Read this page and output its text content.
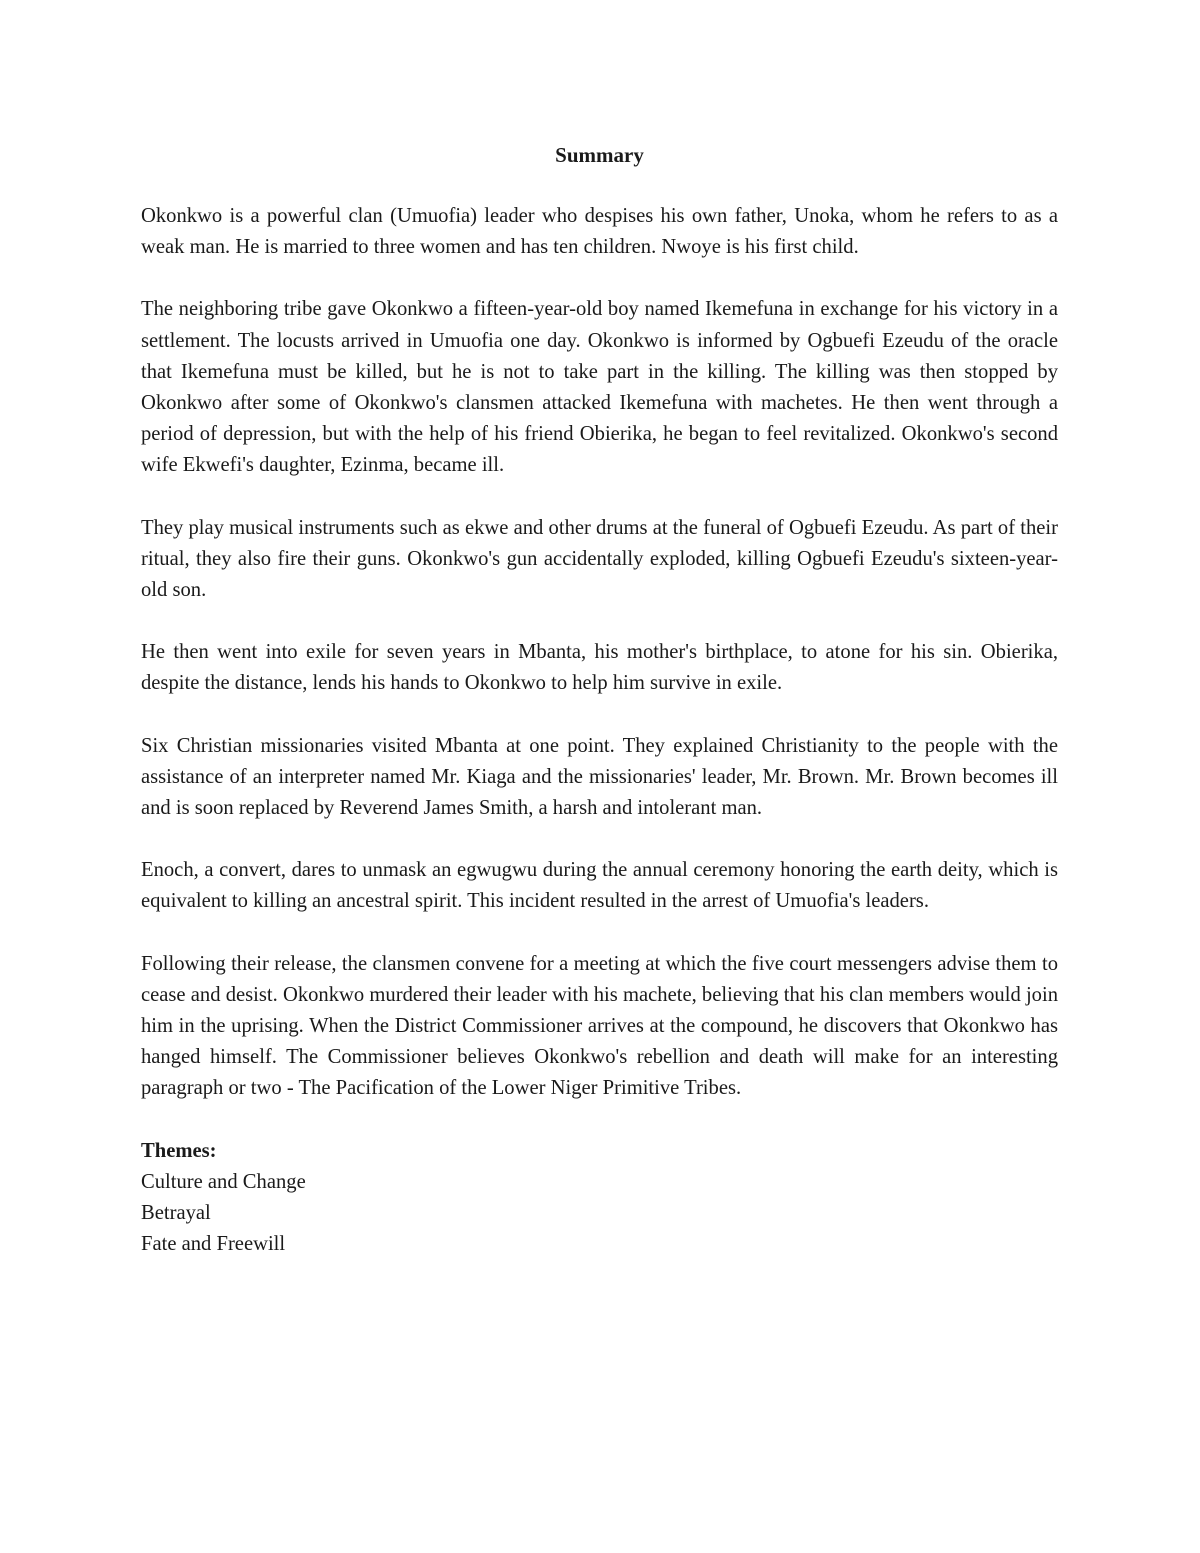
Summary

Okonkwo is a powerful clan (Umuofia) leader who despises his own father, Unoka, whom he refers to as a weak man. He is married to three women and has ten children. Nwoye is his first child.

The neighboring tribe gave Okonkwo a fifteen-year-old boy named Ikemefuna in exchange for his victory in a settlement. The locusts arrived in Umuofia one day. Okonkwo is informed by Ogbuefi Ezeudu of the oracle that Ikemefuna must be killed, but he is not to take part in the killing. The killing was then stopped by Okonkwo after some of Okonkwo's clansmen attacked Ikemefuna with machetes. He then went through a period of depression, but with the help of his friend Obierika, he began to feel revitalized. Okonkwo's second wife Ekwefi's daughter, Ezinma, became ill.

They play musical instruments such as ekwe and other drums at the funeral of Ogbuefi Ezeudu. As part of their ritual, they also fire their guns. Okonkwo's gun accidentally exploded, killing Ogbuefi Ezeudu's sixteen-year-old son.

He then went into exile for seven years in Mbanta, his mother's birthplace, to atone for his sin. Obierika, despite the distance, lends his hands to Okonkwo to help him survive in exile.

Six Christian missionaries visited Mbanta at one point. They explained Christianity to the people with the assistance of an interpreter named Mr. Kiaga and the missionaries' leader, Mr. Brown. Mr. Brown becomes ill and is soon replaced by Reverend James Smith, a harsh and intolerant man.

Enoch, a convert, dares to unmask an egwugwu during the annual ceremony honoring the earth deity, which is equivalent to killing an ancestral spirit. This incident resulted in the arrest of Umuofia's leaders.

Following their release, the clansmen convene for a meeting at which the five court messengers advise them to cease and desist. Okonkwo murdered their leader with his machete, believing that his clan members would join him in the uprising. When the District Commissioner arrives at the compound, he discovers that Okonkwo has hanged himself. The Commissioner believes Okonkwo's rebellion and death will make for an interesting paragraph or two - The Pacification of the Lower Niger Primitive Tribes.

Themes:
Culture and Change
Betrayal
Fate and Freewill
